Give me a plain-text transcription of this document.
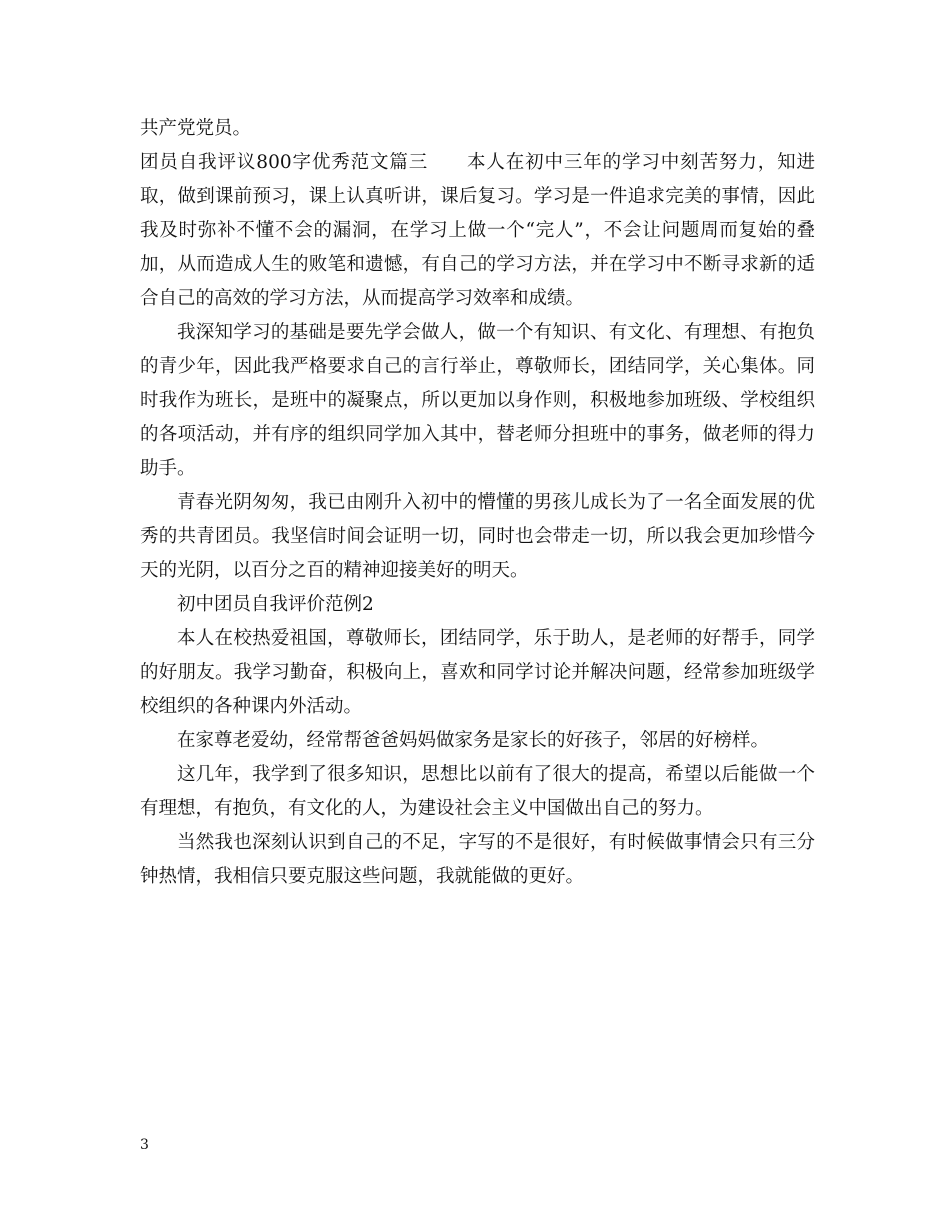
共产党党员。

团员自我评议800字优秀范文篇三　　本人在初中三年的学习中刻苦努力，知进取，做到课前预习，课上认真听讲，课后复习。学习是一件追求完美的事情，因此我及时弥补不懂不会的漏洞，在学习上做一个“完人”，不会让问题周而复始的叠加，从而造成人生的败笔和遗憾，有自己的学习方法，并在学习中不断寻求新的适合自己的高效的学习方法，从而提高学习效率和成绩。

我深知学习的基础是要先学会做人，做一个有知识、有文化、有理想、有抱负的青少年，因此我严格要求自己的言行举止，尊敬师长，团结同学，关心集体。同时我作为班长，是班中的凝聚点，所以更加以身作则，积极地参加班级、学校组织的各项活动，并有序的组织同学加入其中，替老师分担班中的事务，做老师的得力助手。

青春光阴匆匆，我已由刚升入初中的懵懂的男孩儿成长为了一名全面发展的优秀的共青团员。我坚信时间会证明一切，同时也会带走一切，所以我会更加珍惜今天的光阴，以百分之百的精神迎接美好的明天。

初中团员自我评价范例2

本人在校热爱祖国，尊敬师长，团结同学，乐于助人，是老师的好帮手，同学的好朋友。我学习勤奋，积极向上，喜欢和同学讨论并解决问题，经常参加班级学校组织的各种课内外活动。

在家尊老爱幼，经常帮爸爸妈妈做家务是家长的好孩子，邻居的好榜样。

这几年，我学到了很多知识，思想比以前有了很大的提高，希望以后能做一个有理想，有抱负，有文化的人，为建设社会主义中国做出自己的努力。

当然我也深刻认识到自己的不足，字写的不是很好，有时候做事情会只有三分钟热情，我相信只要克服这些问题，我就能做的更好。

3
